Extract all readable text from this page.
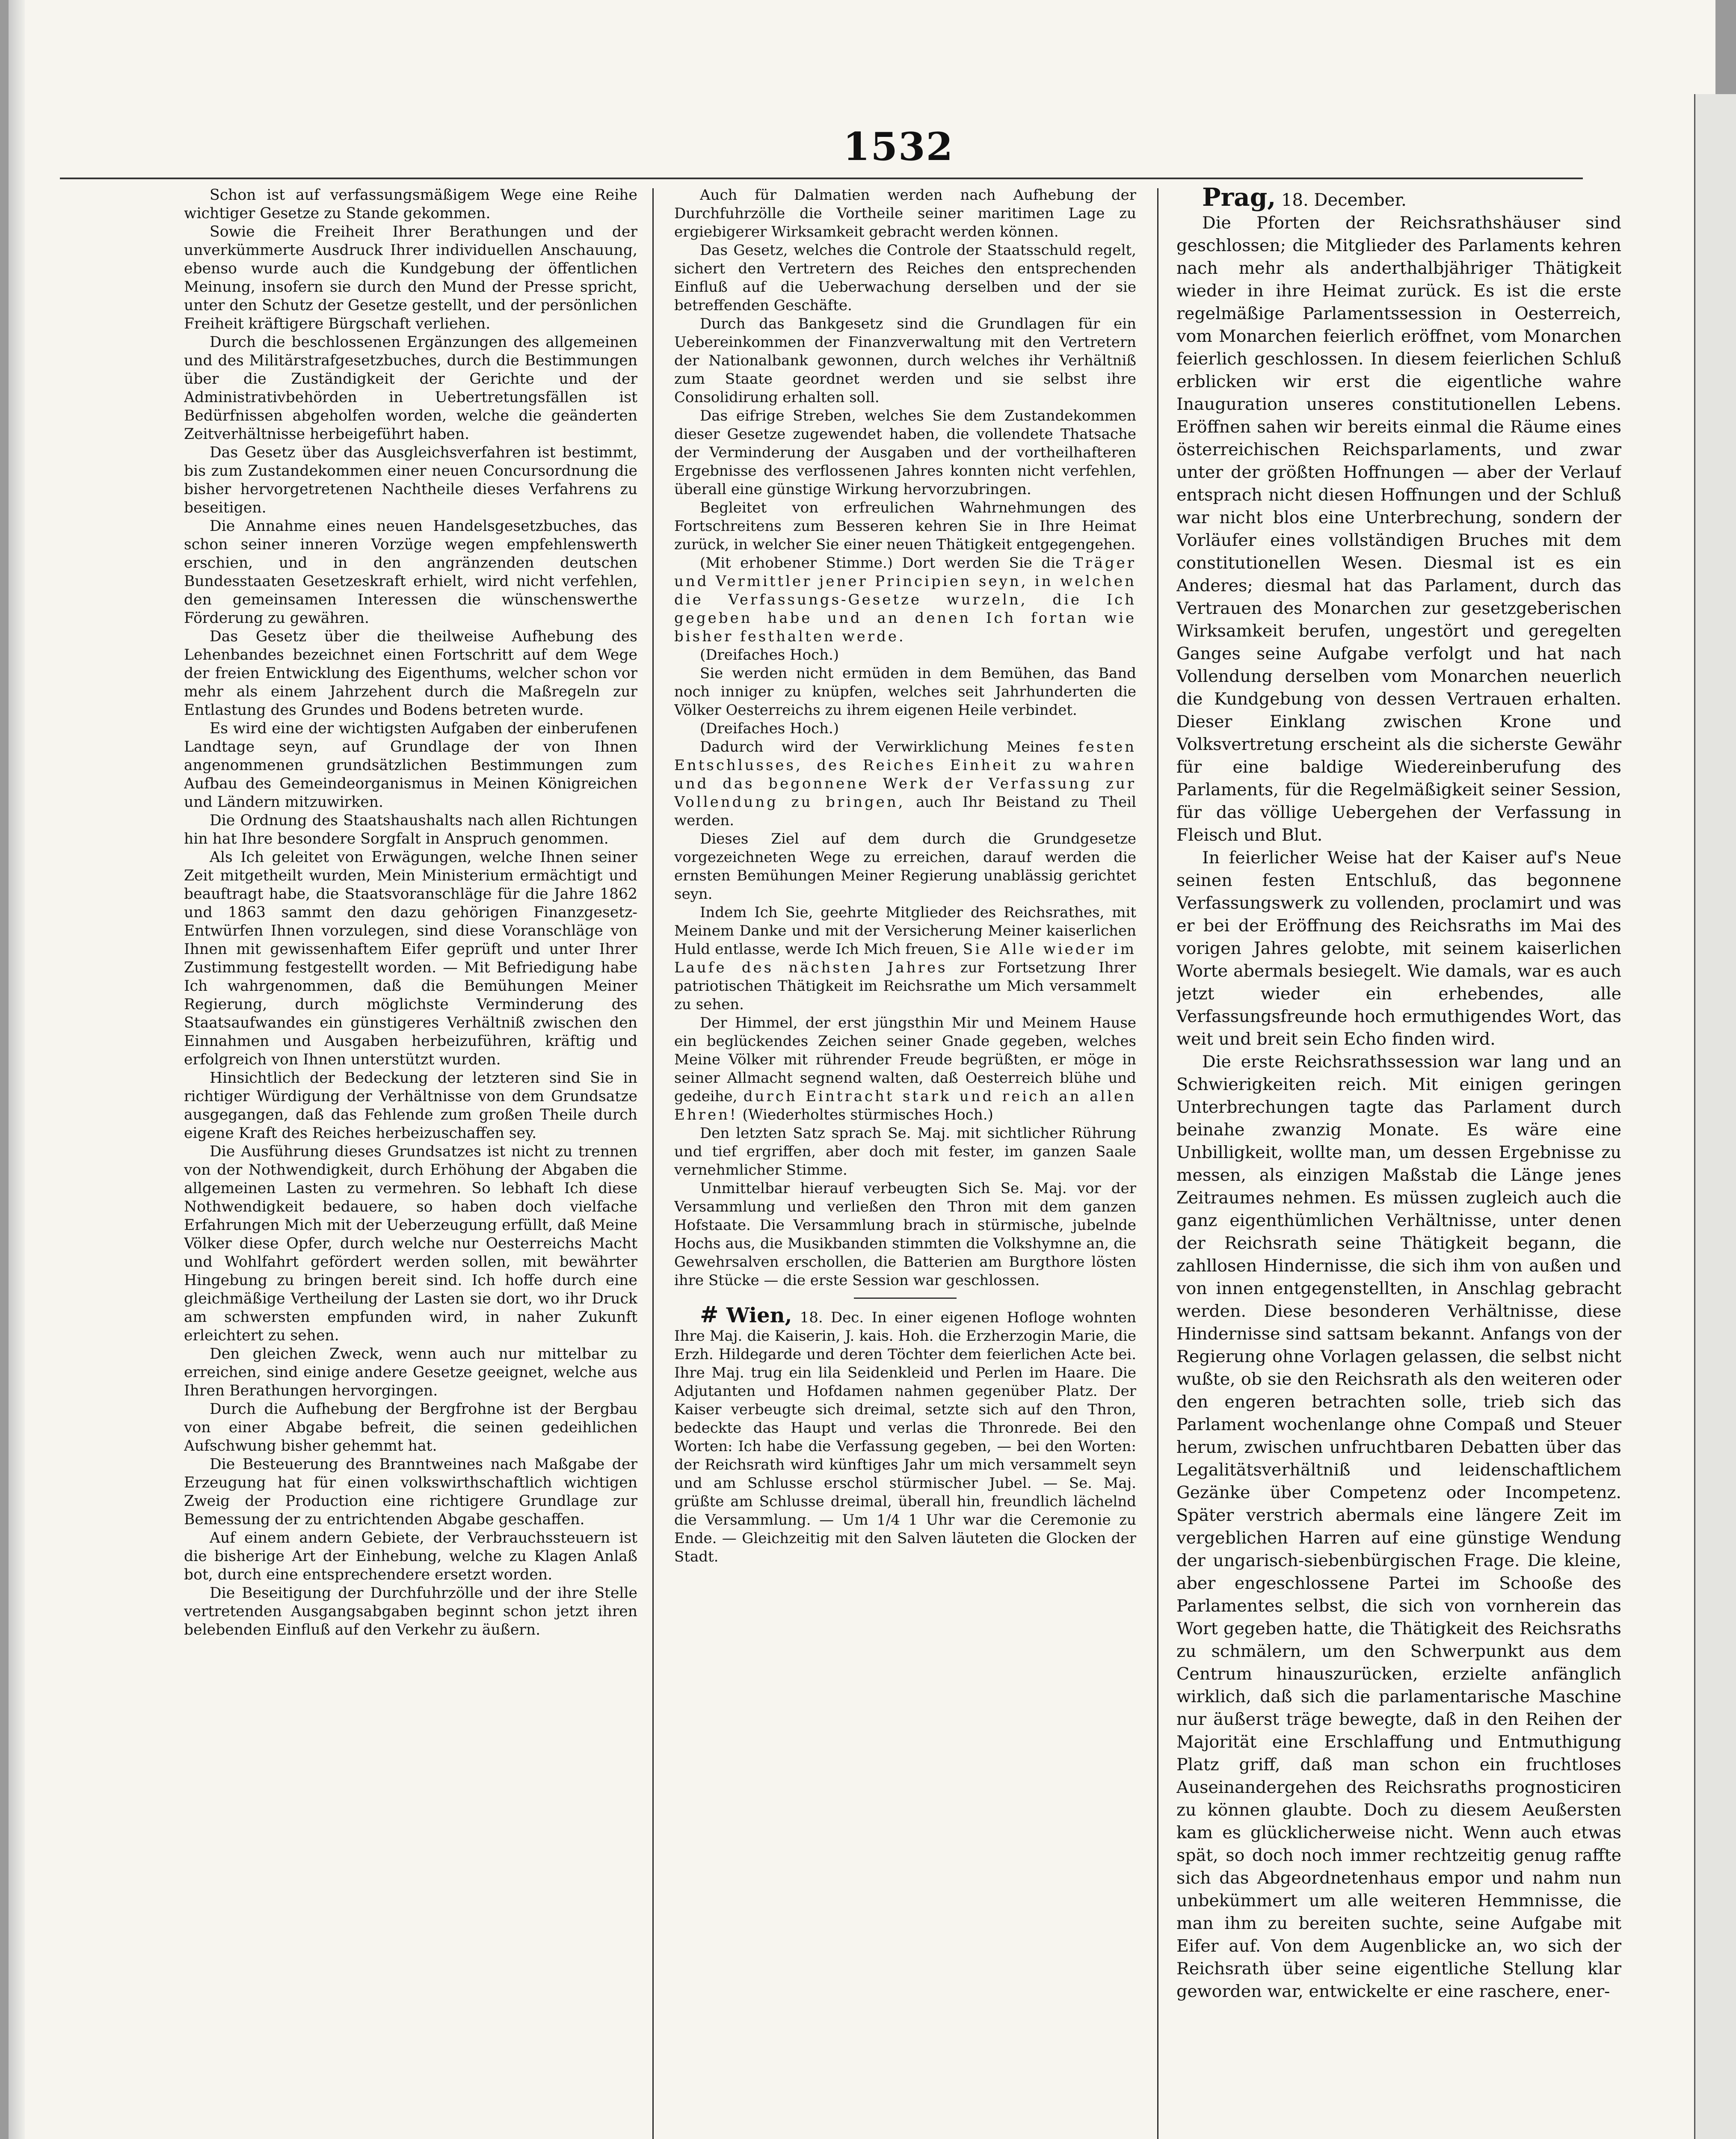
1532

Schon ist auf verfassungsmäßigem Wege eine Reihe wichtiger Gesetze zu Stande gekommen.

Sowie die Freiheit Ihrer Berathungen und der unverkümmerte Ausdruck Ihrer individuellen Anschauung, ebenso wurde auch die Kundgebung der öffentlichen Meinung, insofern sie durch den Mund der Presse spricht, unter den Schutz der Gesetze gestellt, und der persönlichen Freiheit kräftigere Bürgschaft verliehen.

Durch die beschlossenen Ergänzungen des allgemeinen und des Militärstrafgesetzbuches, durch die Bestimmungen über die Zuständigkeit der Gerichte und der Administrativbehörden in Uebertretungsfällen ist Bedürfnissen abgeholfen worden, welche die geänderten Zeitverhältnisse herbeigeführt haben.

Das Gesetz über das Ausgleichsverfahren ist bestimmt, bis zum Zustandekommen einer neuen Concursordnung die bisher hervorgetretenen Nachtheile dieses Verfahrens zu beseitigen.

Die Annahme eines neuen Handelsgesetzbuches, das schon seiner inneren Vorzüge wegen empfehlenswerth erschien, und in den angränzenden deutschen Bundesstaaten Gesetzeskraft erhielt, wird nicht verfehlen, den gemeinsamen Interessen die wünschenswerthe Förderung zu gewähren.

Das Gesetz über die theilweise Aufhebung des Lehenbandes bezeichnet einen Fortschritt auf dem Wege der freien Entwicklung des Eigenthums, welcher schon vor mehr als einem Jahrzehent durch die Maßregeln zur Entlastung des Grundes und Bodens betreten wurde.

Es wird eine der wichtigsten Aufgaben der einberufenen Landtage seyn, auf Grundlage der von Ihnen angenommenen grundsätzlichen Bestimmungen zum Aufbau des Gemeindeorganismus in Meinen Königreichen und Ländern mitzuwirken.

Die Ordnung des Staatshaushalts nach allen Richtungen hin hat Ihre besondere Sorgfalt in Anspruch genommen.

Als Ich geleitet von Erwägungen, welche Ihnen seiner Zeit mitgetheilt wurden, Mein Ministerium ermächtigt und beauftragt habe, die Staatsvoranschläge für die Jahre 1862 und 1863 sammt den dazu gehörigen Finanzgesetz-Entwürfen Ihnen vorzulegen, sind diese Voranschläge von Ihnen mit gewissenhaftem Eifer geprüft und unter Ihrer Zustimmung festgestellt worden. — Mit Befriedigung habe Ich wahrgenommen, daß die Bemühungen Meiner Regierung, durch möglichste Verminderung des Staatsaufwandes ein günstigeres Verhältniß zwischen den Einnahmen und Ausgaben herbeizuführen, kräftig und erfolgreich von Ihnen unterstützt wurden.

Hinsichtlich der Bedeckung der letzteren sind Sie in richtiger Würdigung der Verhältnisse von dem Grundsatze ausgegangen, daß das Fehlende zum großen Theile durch eigene Kraft des Reiches herbeizuschaffen sey.

Die Ausführung dieses Grundsatzes ist nicht zu trennen von der Nothwendigkeit, durch Erhöhung der Abgaben die allgemeinen Lasten zu vermehren. So lebhaft Ich diese Nothwendigkeit bedauere, so haben doch vielfache Erfahrungen Mich mit der Ueberzeugung erfüllt, daß Meine Völker diese Opfer, durch welche nur Oesterreichs Macht und Wohlfahrt gefördert werden sollen, mit bewährter Hingebung zu bringen bereit sind. Ich hoffe durch eine gleichmäßige Vertheilung der Lasten sie dort, wo ihr Druck am schwersten empfunden wird, in naher Zukunft erleichtert zu sehen.

Den gleichen Zweck, wenn auch nur mittelbar zu erreichen, sind einige andere Gesetze geeignet, welche aus Ihren Berathungen hervorgingen.

Durch die Aufhebung der Bergfrohne ist der Bergbau von einer Abgabe befreit, die seinen gedeihlichen Aufschwung bisher gehemmt hat.

Die Besteuerung des Branntweines nach Maßgabe der Erzeugung hat für einen volkswirthschaftlich wichtigen Zweig der Production eine richtigere Grundlage zur Bemessung der zu entrichtenden Abgabe geschaffen.

Auf einem andern Gebiete, der Verbrauchssteuern ist die bisherige Art der Einhebung, welche zu Klagen Anlaß bot, durch eine entsprechendere ersetzt worden.

Die Beseitigung der Durchfuhrzölle und der ihre Stelle vertretenden Ausgangsabgaben beginnt schon jetzt ihren belebenden Einfluß auf den Verkehr zu äußern.

Auch für Dalmatien werden nach Aufhebung der Durchfuhrzölle die Vortheile seiner maritimen Lage zu ergiebigerer Wirksamkeit gebracht werden können.

Das Gesetz, welches die Controle der Staatsschuld regelt, sichert den Vertretern des Reiches den entsprechenden Einfluß auf die Ueberwachung derselben und der sie betreffenden Geschäfte.

Durch das Bankgesetz sind die Grundlagen für ein Uebereinkommen der Finanzverwaltung mit den Vertretern der Nationalbank gewonnen, durch welches ihr Verhältniß zum Staate geordnet werden und sie selbst ihre Consolidirung erhalten soll.

Das eifrige Streben, welches Sie dem Zustandekommen dieser Gesetze zugewendet haben, die vollendete Thatsache der Verminderung der Ausgaben und der vortheilhafteren Ergebnisse des verflossenen Jahres konnten nicht verfehlen, überall eine günstige Wirkung hervorzubringen.

Begleitet von erfreulichen Wahrnehmungen des Fortschreitens zum Besseren kehren Sie in Ihre Heimat zurück, in welcher Sie einer neuen Thätigkeit entgegengehen.

(Mit erhobener Stimme.) Dort werden Sie die Träger und Vermittler jener Principien seyn, in welchen die Verfassungs-Gesetze wurzeln, die Ich gegeben habe und an denen Ich fortan wie bisher festhalten werde.

(Dreifaches Hoch.)

Sie werden nicht ermüden in dem Bemühen, das Band noch inniger zu knüpfen, welches seit Jahrhunderten die Völker Oesterreichs zu ihrem eigenen Heile verbindet.

(Dreifaches Hoch.)

Dadurch wird der Verwirklichung Meines festen Entschlusses, des Reiches Einheit zu wahren und das begonnene Werk der Verfassung zur Vollendung zu bringen, auch Ihr Beistand zu Theil werden.

Dieses Ziel auf dem durch die Grundgesetze vorgezeichneten Wege zu erreichen, darauf werden die ernsten Bemühungen Meiner Regierung unablässig gerichtet seyn.

Indem Ich Sie, geehrte Mitglieder des Reichsrathes, mit Meinem Danke und mit der Versicherung Meiner kaiserlichen Huld entlasse, werde Ich Mich freuen, Sie Alle wieder im Laufe des nächsten Jahres zur Fortsetzung Ihrer patriotischen Thätigkeit im Reichsrathe um Mich versammelt zu sehen.

Der Himmel, der erst jüngsthin Mir und Meinem Hause ein beglückendes Zeichen seiner Gnade gegeben, welches Meine Völker mit rührender Freude begrüßten, er möge in seiner Allmacht segnend walten, daß Oesterreich blühe und gedeihe, durch Eintracht stark und reich an allen Ehren! (Wiederholtes stürmisches Hoch.)

Den letzten Satz sprach Se. Maj. mit sichtlicher Rührung und tief ergriffen, aber doch mit fester, im ganzen Saale vernehmlicher Stimme.

Unmittelbar hierauf verbeugten Sich Se. Maj. vor der Versammlung und verließen den Thron mit dem ganzen Hofstaate. Die Versammlung brach in stürmische, jubelnde Hochs aus, die Musikbanden stimmten die Volkshymne an, die Gewehrsalven erschollen, die Batterien am Burgthore lösten ihre Stücke — die erste Session war geschlossen.

# Wien, 18. Dec. In einer eigenen Hofloge wohnten Ihre Maj. die Kaiserin, J. kais. Hoh. die Erzherzogin Marie, die Erzh. Hildegarde und deren Töchter dem feierlichen Acte bei. Ihre Maj. trug ein lila Seidenkleid und Perlen im Haare. Die Adjutanten und Hofdamen nahmen gegenüber Platz. Der Kaiser verbeugte sich dreimal, setzte sich auf den Thron, bedeckte das Haupt und verlas die Thronrede. Bei den Worten: Ich habe die Verfassung gegeben, — bei den Worten: der Reichsrath wird künftiges Jahr um mich versammelt seyn und am Schlusse erschol stürmischer Jubel. — Se. Maj. grüßte am Schlusse dreimal, überall hin, freundlich lächelnd die Versammlung. — Um 1/4 1 Uhr war die Ceremonie zu Ende. — Gleichzeitig mit den Salven läuteten die Glocken der Stadt.

Prag, 18. December.

Die Pforten der Reichsrathshäuser sind geschlossen; die Mitglieder des Parlaments kehren nach mehr als anderthalbjähriger Thätigkeit wieder in ihre Heimat zurück. Es ist die erste regelmäßige Parlamentssession in Oesterreich, vom Monarchen feierlich eröffnet, vom Monarchen feierlich geschlossen. In diesem feierlichen Schluß erblicken wir erst die eigentliche wahre Inauguration unseres constitutionellen Lebens. Eröffnen sahen wir bereits einmal die Räume eines österreichischen Reichsparlaments, und zwar unter der größten Hoffnungen — aber der Verlauf entsprach nicht diesen Hoffnungen und der Schluß war nicht blos eine Unterbrechung, sondern der Vorläufer eines vollständigen Bruches mit dem constitutionellen Wesen. Diesmal ist es ein Anderes; diesmal hat das Parlament, durch das Vertrauen des Monarchen zur gesetzgeberischen Wirksamkeit berufen, ungestört und geregelten Ganges seine Aufgabe verfolgt und hat nach Vollendung derselben vom Monarchen neuerlich die Kundgebung von dessen Vertrauen erhalten. Dieser Einklang zwischen Krone und Volksvertretung erscheint als die sicherste Gewähr für eine baldige Wiedereinberufung des Parlaments, für die Regelmäßigkeit seiner Session, für das völlige Uebergehen der Verfassung in Fleisch und Blut.

In feierlicher Weise hat der Kaiser auf's Neue seinen festen Entschluß, das begonnene Verfassungswerk zu vollenden, proclamirt und was er bei der Eröffnung des Reichsraths im Mai des vorigen Jahres gelobte, mit seinem kaiserlichen Worte abermals besiegelt. Wie damals, war es auch jetzt wieder ein erhebendes, alle Verfassungsfreunde hoch ermuthigendes Wort, das weit und breit sein Echo finden wird.

Die erste Reichsrathssession war lang und an Schwierigkeiten reich. Mit einigen geringen Unterbrechungen tagte das Parlament durch beinahe zwanzig Monate. Es wäre eine Unbilligkeit, wollte man, um dessen Ergebnisse zu messen, als einzigen Maßstab die Länge jenes Zeitraumes nehmen. Es müssen zugleich auch die ganz eigenthümlichen Verhältnisse, unter denen der Reichsrath seine Thätigkeit begann, die zahllosen Hindernisse, die sich ihm von außen und von innen entgegenstellten, in Anschlag gebracht werden. Diese besonderen Verhältnisse, diese Hindernisse sind sattsam bekannt. Anfangs von der Regierung ohne Vorlagen gelassen, die selbst nicht wußte, ob sie den Reichsrath als den weiteren oder den engeren betrachten solle, trieb sich das Parlament wochenlange ohne Compaß und Steuer herum, zwischen unfruchtbaren Debatten über das Legalitätsverhältniß und leidenschaftlichem Gezänke über Competenz oder Incompetenz. Später verstrich abermals eine längere Zeit im vergeblichen Harren auf eine günstige Wendung der ungarisch-siebenbürgischen Frage. Die kleine, aber engeschlossene Partei im Schooße des Parlamentes selbst, die sich von vornherein das Wort gegeben hatte, die Thätigkeit des Reichsraths zu schmälern, um den Schwerpunkt aus dem Centrum hinauszurücken, erzielte anfänglich wirklich, daß sich die parlamentarische Maschine nur äußerst träge bewegte, daß in den Reihen der Majorität eine Erschlaffung und Entmuthigung Platz griff, daß man schon ein fruchtloses Auseinandergehen des Reichsraths prognosticiren zu können glaubte. Doch zu diesem Aeußersten kam es glücklicherweise nicht. Wenn auch etwas spät, so doch noch immer rechtzeitig genug raffte sich das Abgeordnetenhaus empor und nahm nun unbekümmert um alle weiteren Hemmnisse, die man ihm zu bereiten suchte, seine Aufgabe mit Eifer auf. Von dem Augenblicke an, wo sich der Reichsrath über seine eigentliche Stellung klar geworden war, entwickelte er eine raschere, ener-
